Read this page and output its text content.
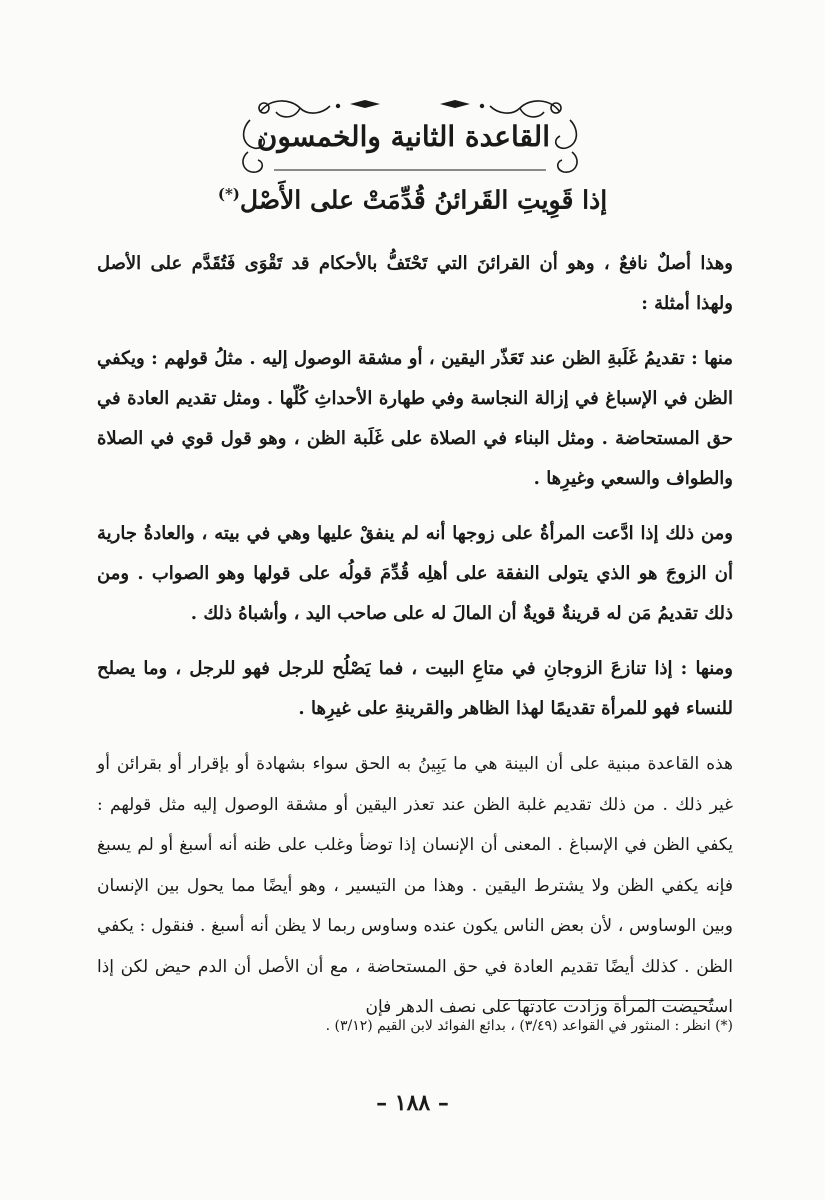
القاعدة الثانية والخمسون
إذا قَوِيتِ القَرائنُ قُدِّمَتْ على الأَصْل(*)

وهذا أصلٌ نافعٌ ، وهو أن القرائنَ التي تَحْتَفُّ بالأحكام قد تَقْوَى فَتُقَدَّم على الأصل ولهذا أمثلة :

منها : تقديمُ غَلَبةِ الظن عند تَعَذّر اليقين ، أو مشقة الوصول إليه . مثلُ قولهم : ويكفي الظن في الإسباغ في إزالة النجاسة وفي طهارة الأحداثِ كُلّها . ومثل تقديم العادة في حق المستحاضة . ومثل البناء في الصلاة على غَلَبة الظن ، وهو قول قوي في الصلاة والطواف والسعي وغيرِها .

ومن ذلك إذا ادَّعت المرأةُ على زوجها أنه لم ينفقْ عليها وهي في بيته ، والعادةُ جارية أن الزوجَ هو الذي يتولى النفقة على أهلِه قُدِّمَ قولُه على قولها وهو الصواب . ومن ذلك تقديمُ مَن له قرينةٌ قويةٌ أن المالَ له على صاحب اليد ، وأشباهُ ذلك .

ومنها : إذا تنازعَ الزوجانِ في متاعِ البيت ، فما يَصْلُح للرجل فهو للرجل ، وما يصلح للنساء فهو للمرأة تقديمًا لهذا الظاهر والقرينةِ على غيرِها .

هذه القاعدة مبنية على أن البينة هي ما يَبِينُ به الحق سواء بشهادة أو بإقرار أو بقرائن أو غير ذلك . من ذلك تقديم غلبة الظن عند تعذر اليقين أو مشقة الوصول إليه مثل قولهم : يكفي الظن في الإسباغ . المعنى أن الإنسان إذا توضأ وغلب على ظنه أنه أسبغ أو لم يسبغ فإنه يكفي الظن ولا يشترط اليقين . وهذا من التيسير ، وهو أيضًا مما يحول بين الإنسان وبين الوساوس ، لأن بعض الناس يكون عنده وساوس ربما لا يظن أنه أسبغ . فنقول : يكفي الظن . كذلك أيضًا تقديم العادة في حق المستحاضة ، مع أن الأصل أن الدم حيض لكن إذا استُحيضت المرأة وزادت عادتها على نصف الدهر فإن

(*) انظر : المنثور في القواعد (٣/٤٩) ، بدائع الفوائد لابن القيم (٣/١٢) .
– ١٨٨ –
